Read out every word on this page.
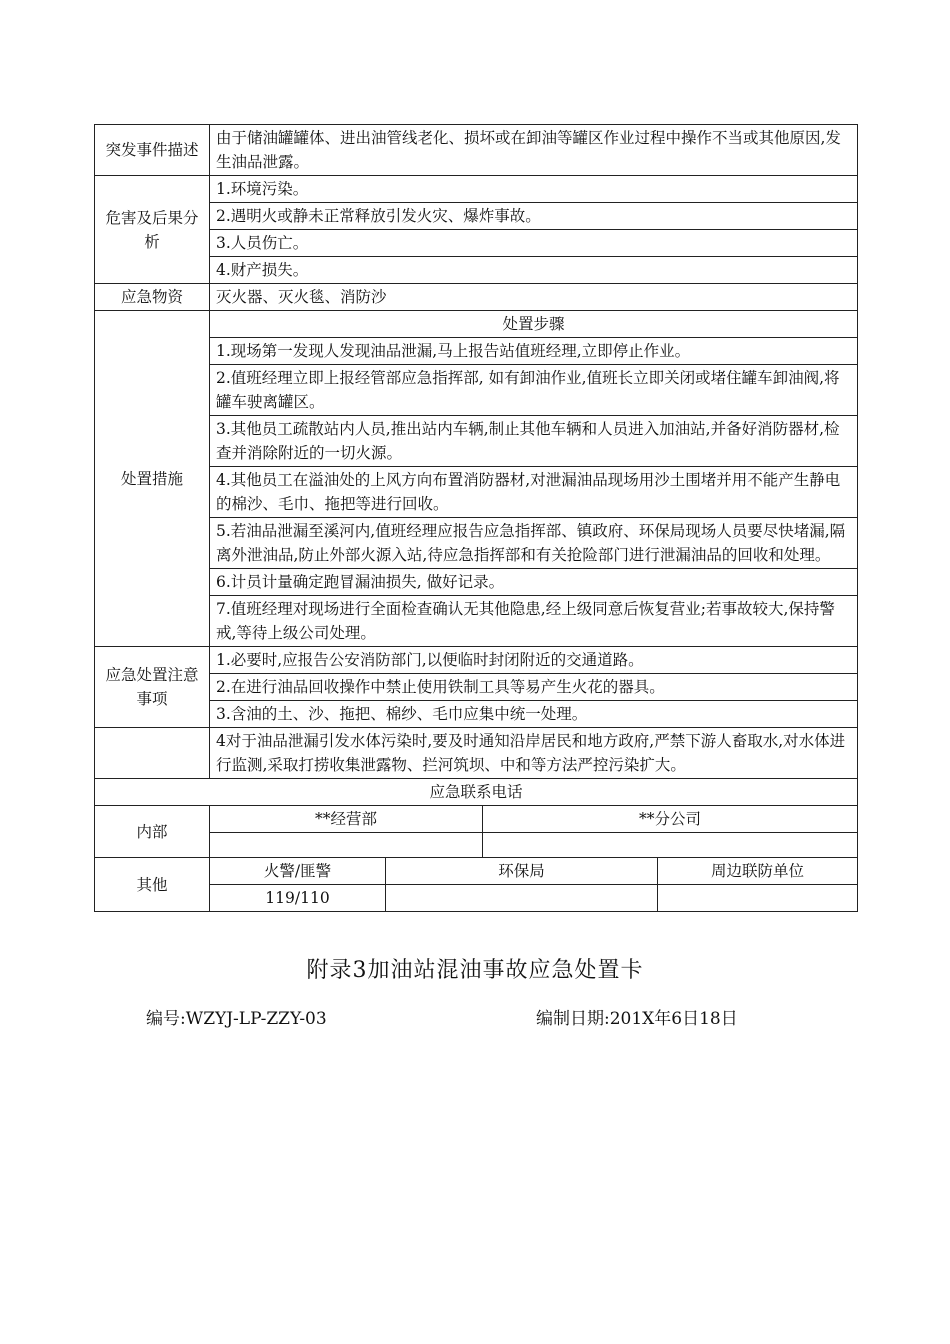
突发事件描述	由于储油罐罐体、进出油管线老化、损坏或在卸油等罐区作业过程中操作不当或其他原因,发生油品泄露。			
危害及后果分析	1.环境污染。			
	2.遇明火或静未正常释放引发火灾、爆炸事故。			
	3.人员伤亡。			
	4.财产损失。			
应急物资	灭火器、灭火毯、消防沙			
处置措施	处置步骤			
	1.现场第一发现人发现油品泄漏,马上报告站值班经理,立即停止作业。			
	2.值班经理立即上报经管部应急指挥部, 如有卸油作业,值班长立即关闭或堵住罐车卸油阀,将罐车驶离罐区。			
	3.其他员工疏散站内人员,推出站内车辆,制止其他车辆和人员进入加油站,并备好消防器材,检查并消除附近的一切火源。			
	4.其他员工在溢油处的上风方向布置消防器材,对泄漏油品现场用沙土围堵并用不能产生静电的棉沙、毛巾、拖把等进行回收。			
	5.若油品泄漏至溪河内,值班经理应报告应急指挥部、镇政府、环保局现场人员要尽快堵漏,隔离外泄油品,防止外部火源入站,待应急指挥部和有关抢险部门进行泄漏油品的回收和处理。			
	6.计员计量确定跑冒漏油损失, 做好记录。			
	7.值班经理对现场进行全面检查确认无其他隐患,经上级同意后恢复营业;若事故较大,保持警戒,等待上级公司处理。			
应急处置注意事项	1.必要时,应报告公安消防部门,以便临时封闭附近的交通道路。			
	2.在进行油品回收操作中禁止使用铁制工具等易产生火花的器具。			
	3.含油的土、沙、拖把、棉纱、毛巾应集中统一处理。			
	4对于油品泄漏引发水体污染时,要及时通知沿岸居民和地方政府,严禁下游人畜取水,对水体进行监测,采取打捞收集泄露物、拦河筑坝、中和等方法严控污染扩大。			
应急联系电话				
内部	**经营部		**分公司	

其他	火警/匪警	环保局		周边联防单位
	119/110			
附录3加油站混油事故应急处置卡
编号:WZYJ-LP-ZZY-03	编制日期:201X年6日18日
